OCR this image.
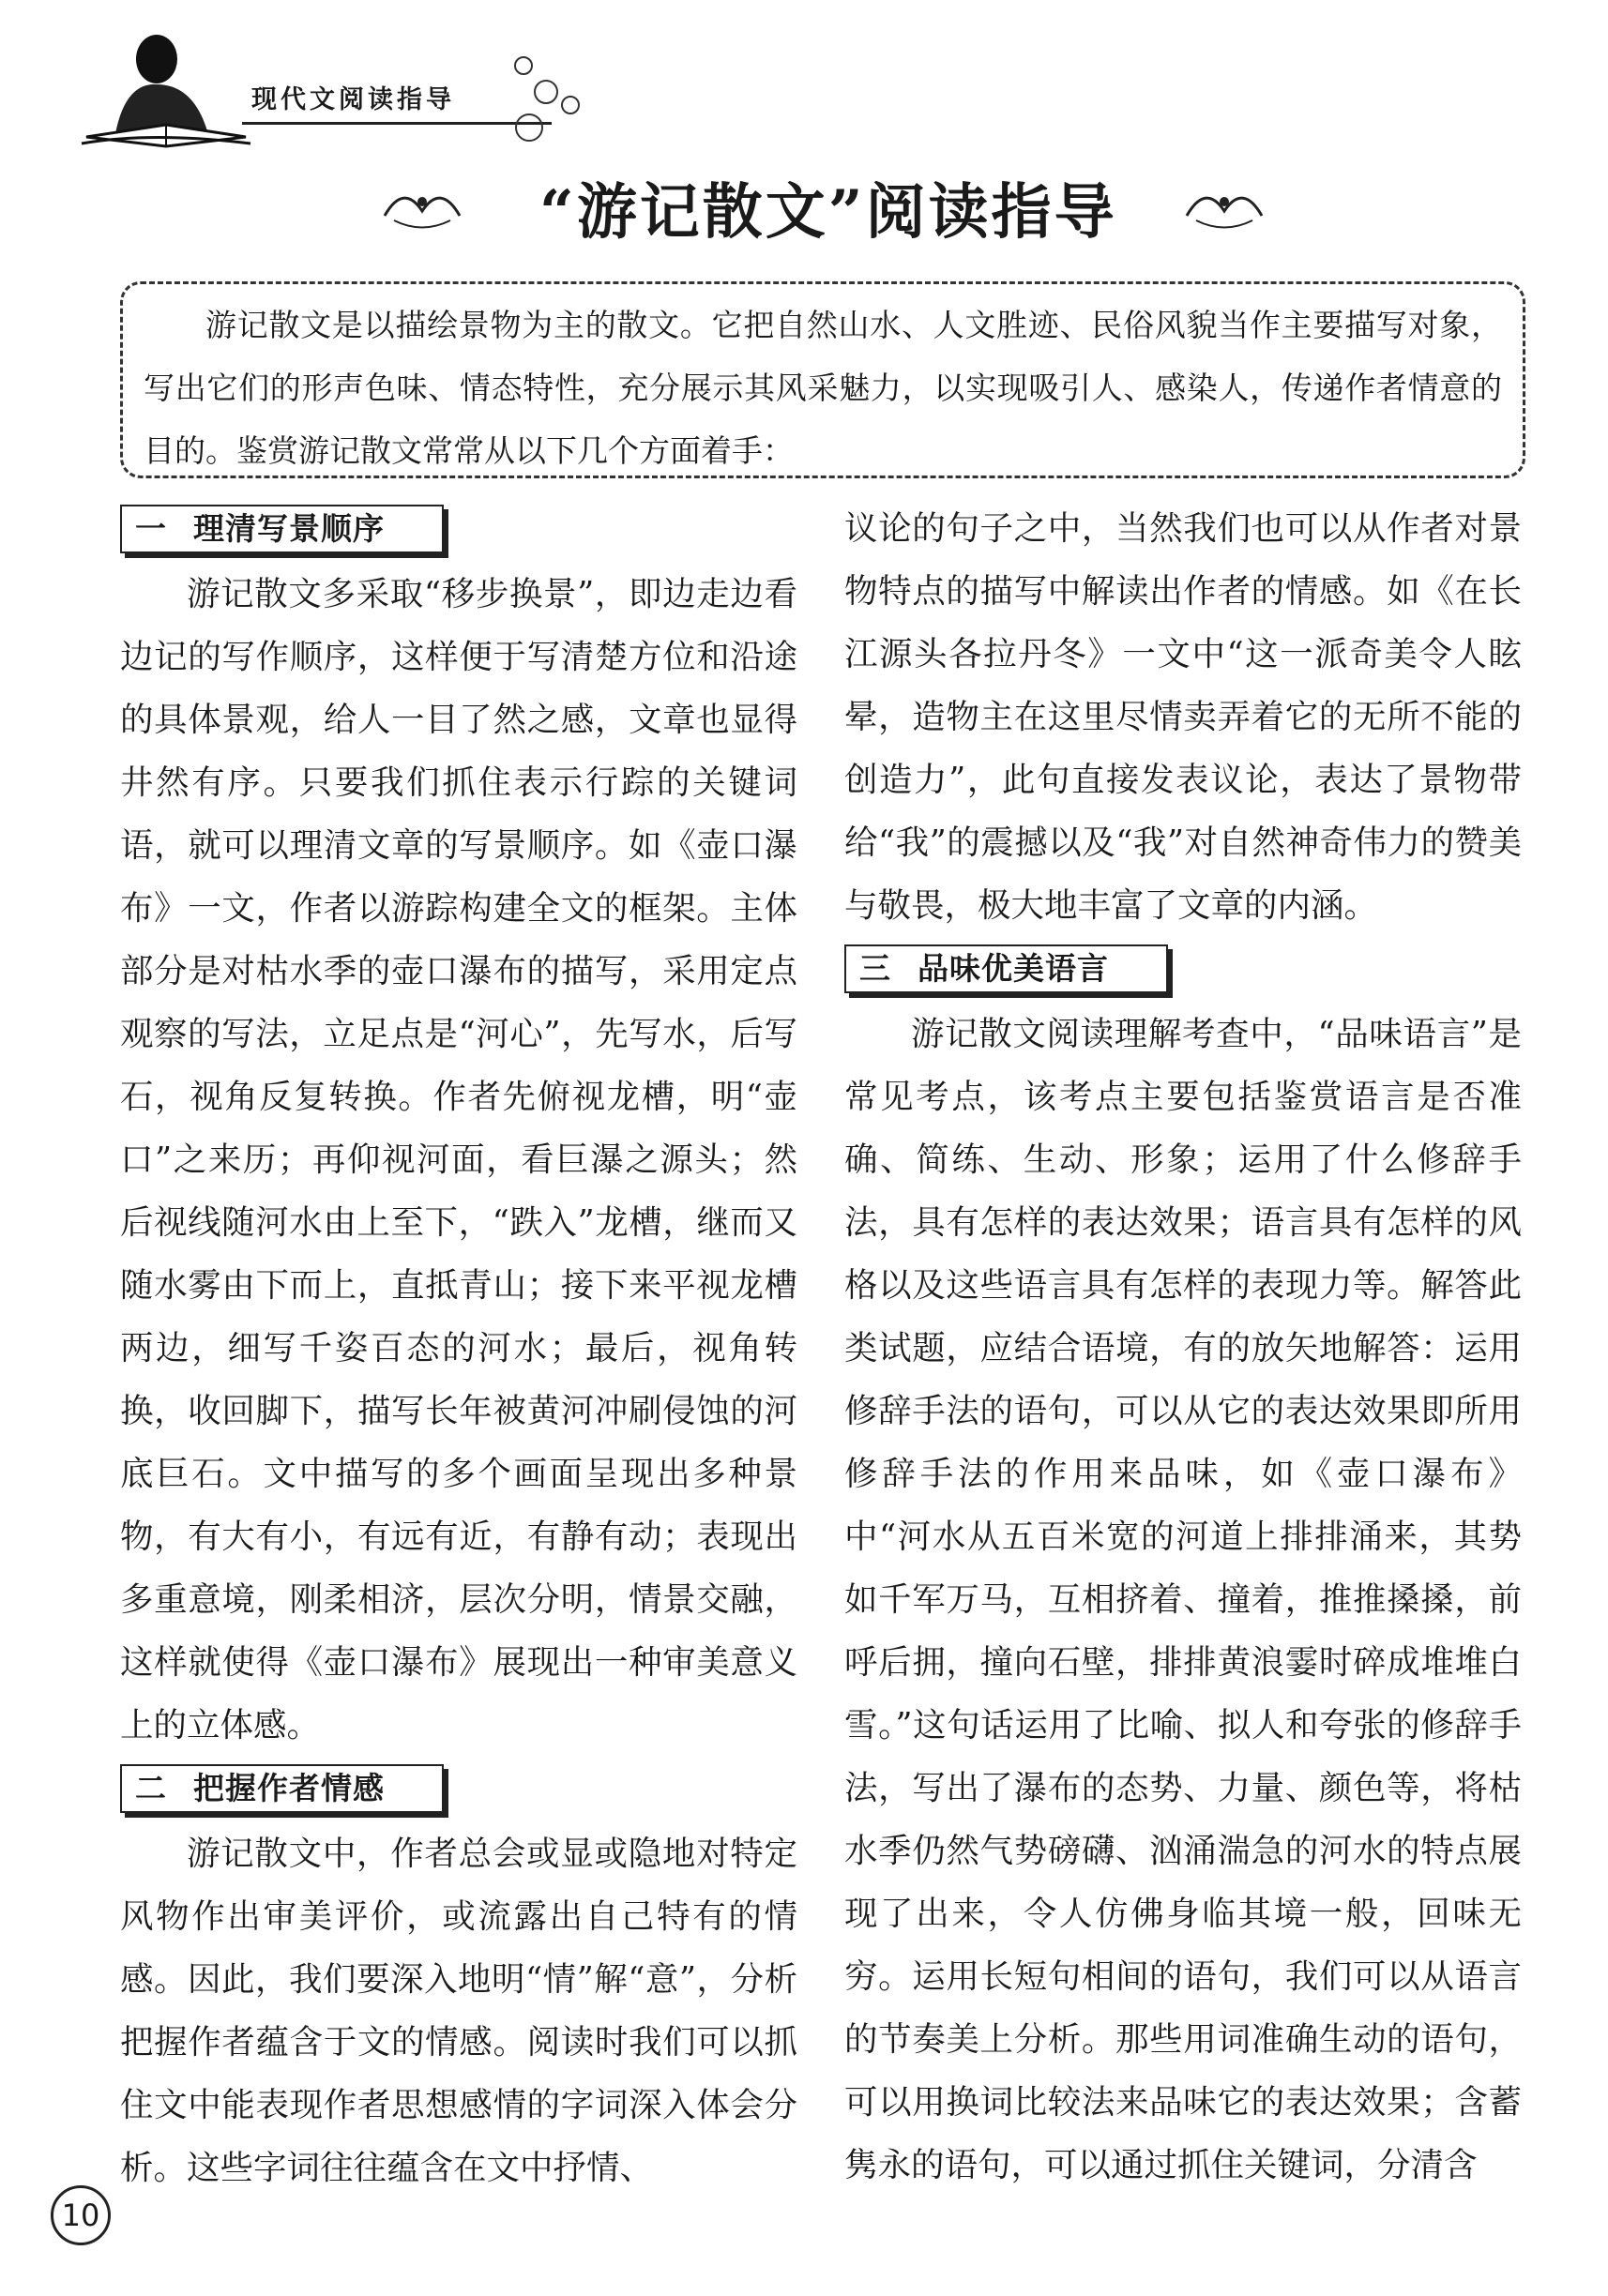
现代文阅读指导
“游记散文”阅读指导

游记散文是以描绘景物为主的散文。它把自然山水、人文胜迹、民俗风貌当作主要描写对象，写出它们的形声色味、情态特性，充分展示其风采魅力，以实现吸引人、感染人，传递作者情意的目的。鉴赏游记散文常常从以下几个方面着手：

一 理清写景顺序

游记散文多采取“移步换景”，即边走边看边记的写作顺序，这样便于写清楚方位和沿途的具体景观，给人一目了然之感，文章也显得井然有序。只要我们抓住表示行踪的关键词语，就可以理清文章的写景顺序。如《壶口瀑布》一文，作者以游踪构建全文的框架。主体部分是对枯水季的壶口瀑布的描写，采用定点观察的写法，立足点是“河心”，先写水，后写石，视角反复转换。作者先俯视龙槽，明“壶口”之来历；再仰视河面，看巨瀑之源头；然后视线随河水由上至下，“跌入”龙槽，继而又随水雾由下而上，直抵青山；接下来平视龙槽两边，细写千姿百态的河水；最后，视角转换，收回脚下，描写长年被黄河冲刷侵蚀的河底巨石。文中描写的多个画面呈现出多种景物，有大有小，有远有近，有静有动；表现出多重意境，刚柔相济，层次分明，情景交融，这样就使得《壶口瀑布》展现出一种审美意义上的立体感。

二 把握作者情感

游记散文中，作者总会或显或隐地对特定风物作出审美评价，或流露出自己特有的情感。因此，我们要深入地明“情”解“意”，分析把握作者蕴含于文的情感。阅读时我们可以抓住文中能表现作者思想感情的字词深入体会分析。这些字词往往蕴含在文中抒情、

议论的句子之中，当然我们也可以从作者对景物特点的描写中解读出作者的情感。如《在长江源头各拉丹冬》一文中“这一派奇美令人眩晕，造物主在这里尽情卖弄着它的无所不能的创造力”，此句直接发表议论，表达了景物带给“我”的震撼以及“我”对自然神奇伟力的赞美与敬畏，极大地丰富了文章的内涵。

三 品味优美语言

游记散文阅读理解考查中，“品味语言”是常见考点，该考点主要包括鉴赏语言是否准确、简练、生动、形象；运用了什么修辞手法，具有怎样的表达效果；语言具有怎样的风格以及这些语言具有怎样的表现力等。解答此类试题，应结合语境，有的放矢地解答：运用修辞手法的语句，可以从它的表达效果即所用修辞手法的作用来品味，如《壶口瀑布》中“河水从五百米宽的河道上排排涌来，其势如千军万马，互相挤着、撞着，推推搡搡，前呼后拥，撞向石壁，排排黄浪霎时碎成堆堆白雪。”这句话运用了比喻、拟人和夸张的修辞手法，写出了瀑布的态势、力量、颜色等，将枯水季仍然气势磅礴、汹涌湍急的河水的特点展现了出来，令人仿佛身临其境一般，回味无穷。运用长短句相间的语句，我们可以从语言的节奏美上分析。那些用词准确生动的语句，可以用换词比较法来品味它的表达效果；含蓄隽永的语句，可以通过抓住关键词，分清含

10
